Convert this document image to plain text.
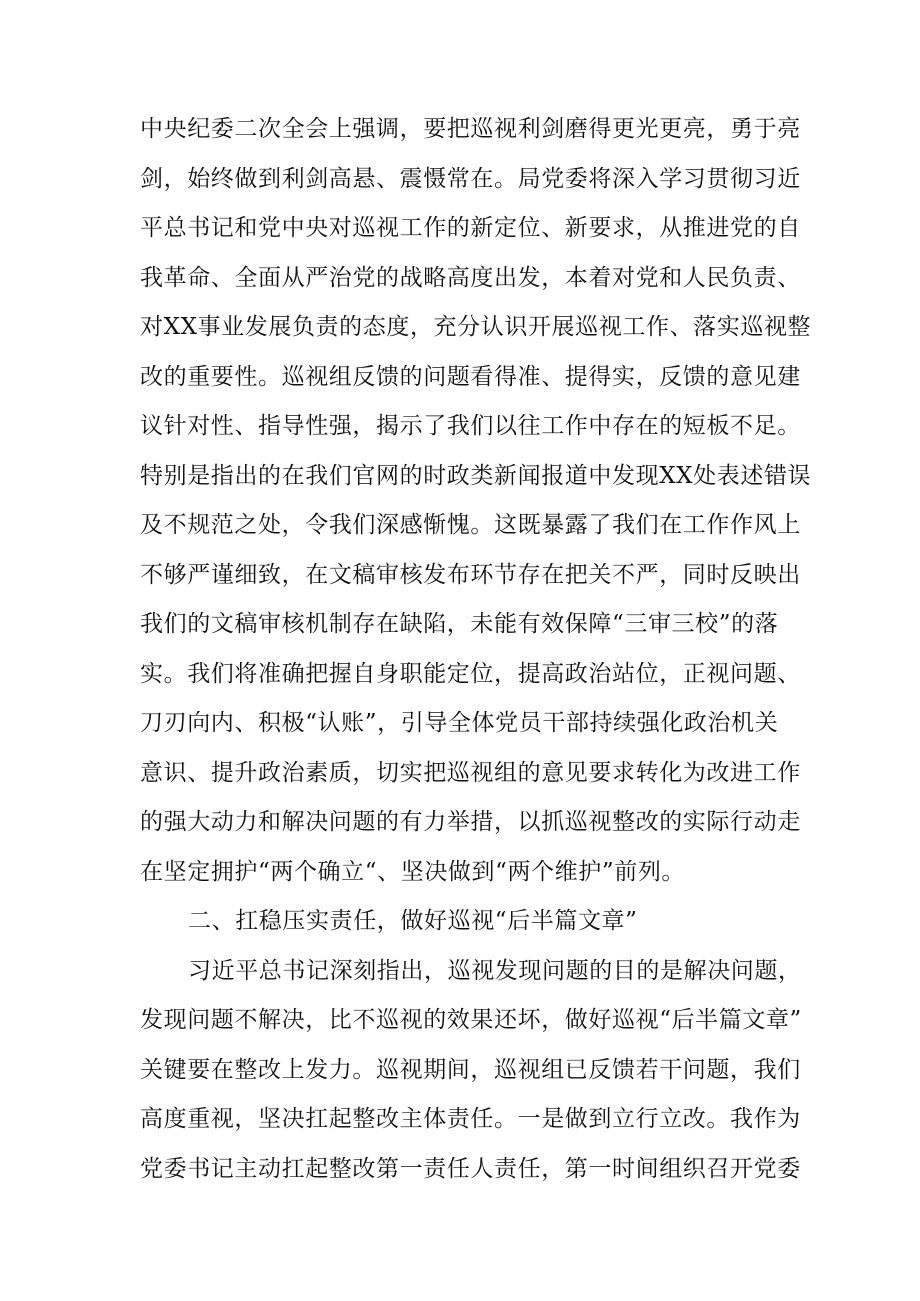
中央纪委二次全会上强调，要把巡视利剑磨得更光更亮，勇于亮
剑，始终做到利剑高悬、震慑常在。局党委将深入学习贯彻习近
平总书记和党中央对巡视工作的新定位、新要求，从推进党的自
我革命、全面从严治党的战略高度出发，本着对党和人民负责、
对XX事业发展负责的态度，充分认识开展巡视工作、落实巡视整
改的重要性。巡视组反馈的问题看得准、提得实，反馈的意见建
议针对性、指导性强，揭示了我们以往工作中存在的短板不足。
特别是指出的在我们官网的时政类新闻报道中发现XX处表述错误
及不规范之处，令我们深感惭愧。这既暴露了我们在工作作风上
不够严谨细致，在文稿审核发布环节存在把关不严，同时反映出
我们的文稿审核机制存在缺陷，未能有效保障“三审三校”的落
实。我们将准确把握自身职能定位，提高政治站位，正视问题、
刀刃向内、积极“认账”，引导全体党员干部持续强化政治机关
意识、提升政治素质，切实把巡视组的意见要求转化为改进工作
的强大动力和解决问题的有力举措，以抓巡视整改的实际行动走
在坚定拥护“两个确立“、坚决做到“两个维护”前列。
二、扛稳压实责任，做好巡视“后半篇文章”
习近平总书记深刻指出，巡视发现问题的目的是解决问题，
发现问题不解决，比不巡视的效果还坏，做好巡视“后半篇文章”
关键要在整改上发力。巡视期间，巡视组已反馈若干问题，我们
高度重视，坚决扛起整改主体责任。一是做到立行立改。我作为
党委书记主动扛起整改第一责任人责任，第一时间组织召开党委
